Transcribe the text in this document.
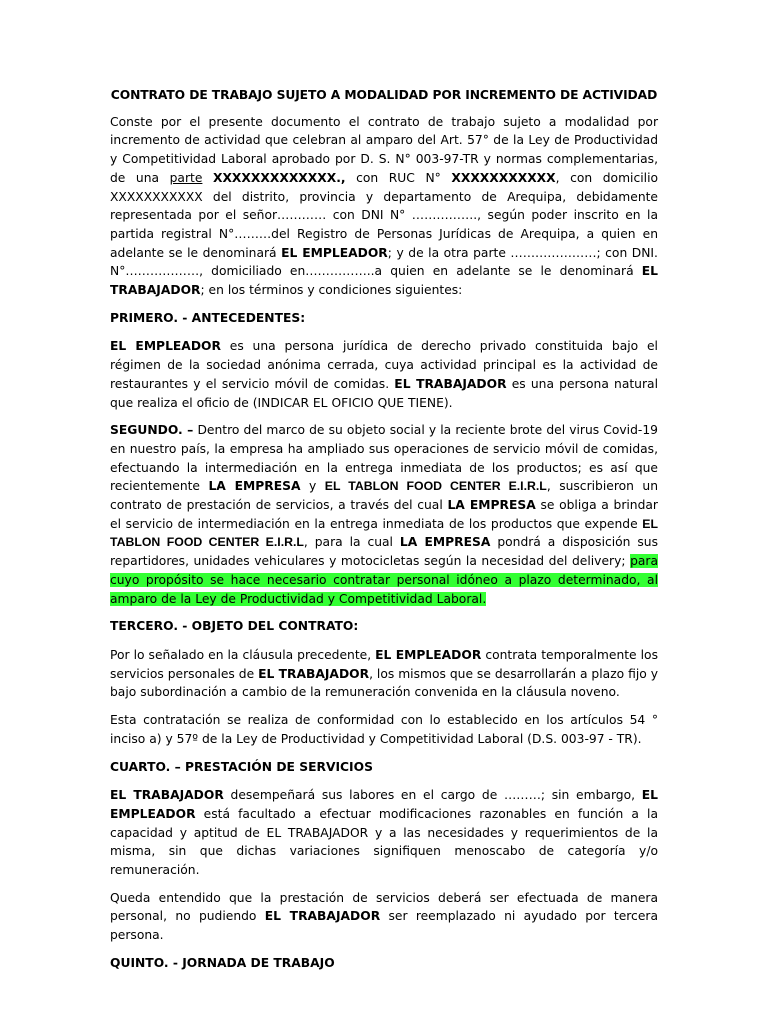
CONTRATO DE TRABAJO SUJETO A MODALIDAD POR INCREMENTO DE ACTIVIDAD

Conste por el presente documento el contrato de trabajo sujeto a modalidad por incremento de actividad que celebran al amparo del Art. 57° de la Ley de Productividad y Competitividad Laboral aprobado por D. S. N° 003-97-TR y normas complementarias, de una parte XXXXXXXXXXXXX., con RUC N° XXXXXXXXXXX, con domicilio XXXXXXXXXXX del distrito, provincia y departamento de Arequipa, debidamente representada por el señor………… con DNI N° ……………., según poder inscrito en la partida registral N°………del Registro de Personas Jurídicas de Arequipa, a quien en adelante se le denominará EL EMPLEADOR; y de la otra parte …………………; con DNI. N°………………, domiciliado en……………..a quien en adelante se le denominará EL TRABAJADOR; en los términos y condiciones siguientes:

PRIMERO. - ANTECEDENTES:

EL EMPLEADOR es una persona jurídica de derecho privado constituida bajo el régimen de la sociedad anónima cerrada, cuya actividad principal es la actividad de restaurantes y el servicio móvil de comidas. EL TRABAJADOR es una persona natural que realiza el oficio de (INDICAR EL OFICIO QUE TIENE).

SEGUNDO. – Dentro del marco de su objeto social y la reciente brote del virus Covid-19 en nuestro país, la empresa ha ampliado sus operaciones de servicio móvil de comidas, efectuando la intermediación en la entrega inmediata de los productos; es así que recientemente LA EMPRESA y EL TABLON FOOD CENTER E.I.R.L, suscribieron un contrato de prestación de servicios, a través del cual LA EMPRESA se obliga a brindar el servicio de intermediación en la entrega inmediata de los productos que expende EL TABLON FOOD CENTER E.I.R.L, para la cual LA EMPRESA pondrá a disposición sus repartidores, unidades vehiculares y motocicletas según la necesidad del delivery; para cuyo propósito se hace necesario contratar personal idóneo a plazo determinado, al amparo de la Ley de Productividad y Competitividad Laboral.

TERCERO. - OBJETO DEL CONTRATO:

Por lo señalado en la cláusula precedente, EL EMPLEADOR contrata temporalmente los servicios personales de EL TRABAJADOR, los mismos que se desarrollarán a plazo fijo y bajo subordinación a cambio de la remuneración convenida en la cláusula noveno.

Esta contratación se realiza de conformidad con lo establecido en los artículos 54 ° inciso a) y 57º de la Ley de Productividad y Competitividad Laboral (D.S. 003-97 - TR).

CUARTO. – PRESTACIÓN DE SERVICIOS

EL TRABAJADOR desempeñará sus labores en el cargo de ………; sin embargo, EL EMPLEADOR está facultado a efectuar modificaciones razonables en función a la capacidad y aptitud de EL TRABAJADOR y a las necesidades y requerimientos de la misma, sin que dichas variaciones signifiquen menoscabo de categoría y/o remuneración.

Queda entendido que la prestación de servicios deberá ser efectuada de manera personal, no pudiendo EL TRABAJADOR ser reemplazado ni ayudado por tercera persona.

QUINTO. - JORNADA DE TRABAJO
